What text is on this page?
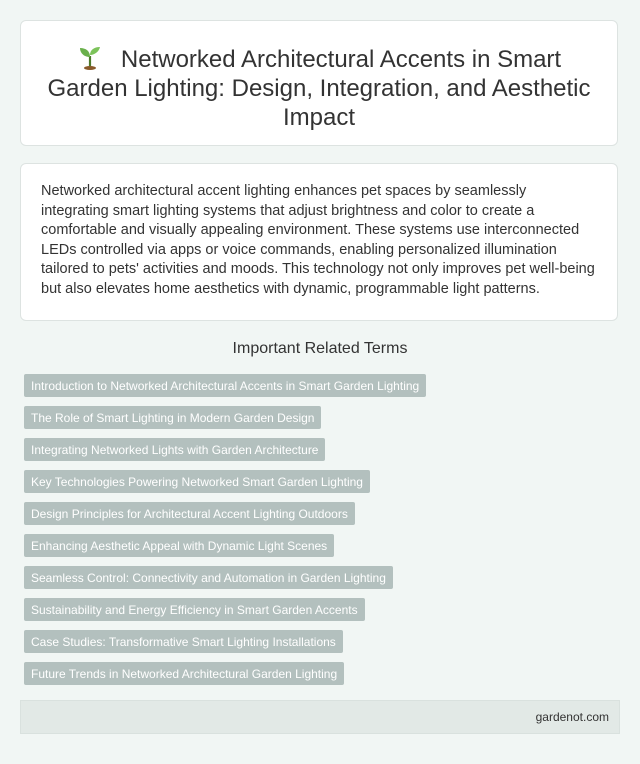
Networked Architectural Accents in Smart Garden Lighting: Design, Integration, and Aesthetic Impact

Networked architectural accent lighting enhances pet spaces by seamlessly integrating smart lighting systems that adjust brightness and color to create a comfortable and visually appealing environment. These systems use interconnected LEDs controlled via apps or voice commands, enabling personalized illumination tailored to pets' activities and moods. This technology not only improves pet well-being but also elevates home aesthetics with dynamic, programmable light patterns.

Important Related Terms
Introduction to Networked Architectural Accents in Smart Garden Lighting
The Role of Smart Lighting in Modern Garden Design
Integrating Networked Lights with Garden Architecture
Key Technologies Powering Networked Smart Garden Lighting
Design Principles for Architectural Accent Lighting Outdoors
Enhancing Aesthetic Appeal with Dynamic Light Scenes
Seamless Control: Connectivity and Automation in Garden Lighting
Sustainability and Energy Efficiency in Smart Garden Accents
Case Studies: Transformative Smart Lighting Installations
Future Trends in Networked Architectural Garden Lighting
gardenot.com
